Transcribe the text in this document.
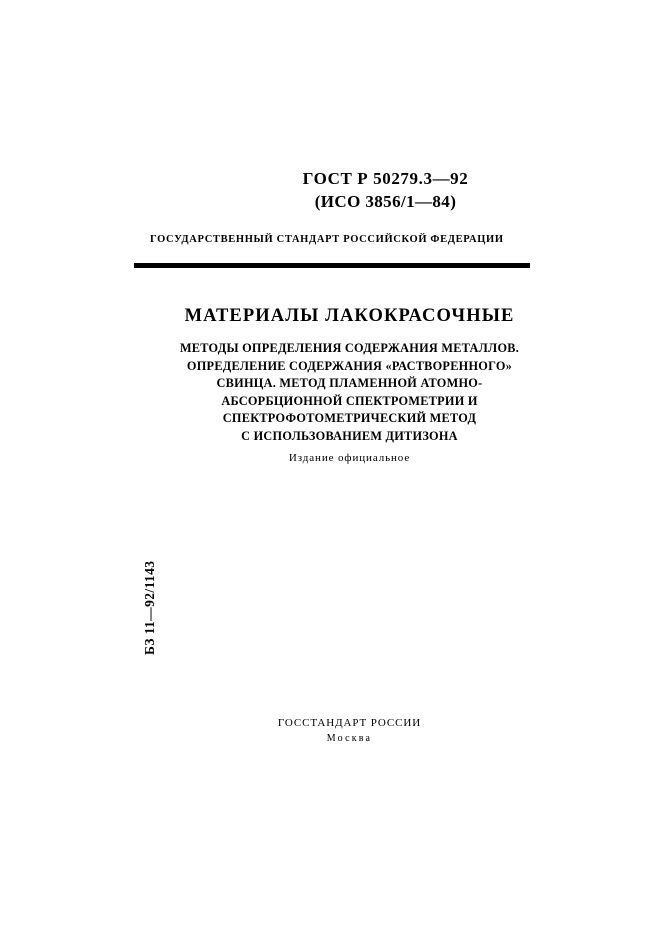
ГОСТ Р 50279.3—92
(ИСО 3856/1—84)
ГОСУДАРСТВЕННЫЙ СТАНДАРТ РОССИЙСКОЙ ФЕДЕРАЦИИ
МАТЕРИАЛЫ ЛАКОКРАСОЧНЫЕ
МЕТОДЫ ОПРЕДЕЛЕНИЯ СОДЕРЖАНИЯ МЕТАЛЛОВ.
ОПРЕДЕЛЕНИЕ СОДЕРЖАНИЯ «РАСТВОРЕННОГО»
СВИНЦА. МЕТОД ПЛАМЕННОЙ АТОМНО-
АБСОРБЦИОННОЙ СПЕКТРОМЕТРИИ И
СПЕКТРОФОТОМЕТРИЧЕСКИЙ МЕТОД
С ИСПОЛЬЗОВАНИЕМ ДИТИЗОНА
Издание официальное
БЗ 11—92/1143
ГОССТАНДАРТ РОССИИ
Москва
